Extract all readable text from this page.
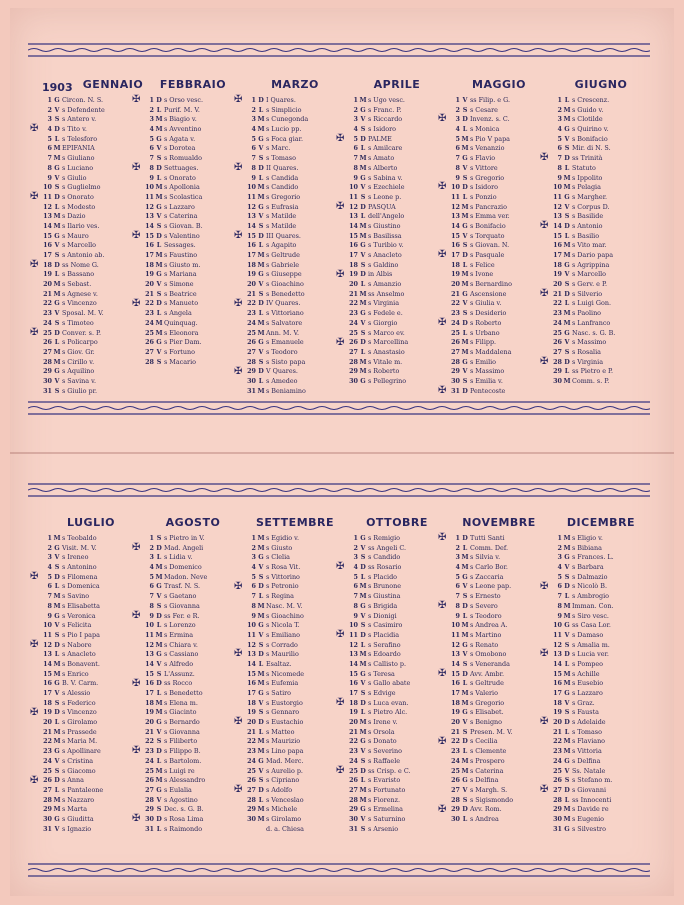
1903 GENNAIO
1 G Circon. N. S.
2 V s Defendente
3 S s Antero v.
4 D s Tito v.
5 L s Telesforo
6 M EPIFANIA
7 M s Giuliano
8 G s Luciano
9 V s Giulio
10 S s Guglielmo
11 D s Onorato
12 L s Modesto
13 M s Dazio
14 M s Ilario ves.
15 G s Mauro
16 V s Marcello
17 S s Antonio ab.
18 D ss Nome G.
19 L s Bassano
20 M s Sebast.
21 M s Agnese v.
22 G s Vincenzo
23 V Sposal. M. V.
24 S s Timoteo
25 D Conver. s. P.
26 L s Policarpo
27 M s Giov. Gr.
28 M s Cirillo v.
29 G s Aquilino
30 V s Savina v.
31 S s Giulio pr.
✠
✠
✠
✠
FEBBRAIO
1 D s Orso vesc.
2 L Purif. M. V.
3 M s Biagio v.
4 M s Avventino
5 G s Agata v.
6 V s Dorotea
7 S s Romualdo
8 D Settuages.
9 L s Onorato
10 M s Apollonia
11 M s Scolastica
12 G s Lazzaro
13 V s Caterina
14 S s Giovan. B.
15 D s Valentino
16 L Sessages.
17 M s Faustino
18 M s Giusto m.
19 G s Mariana
20 V s Simone
21 S s Beatrice
22 D s Manueto
23 L s Angela
24 M Quinquag.
25 M s Eleonora
26 G s Pier Dam.
27 V s Fortuno
28 S s Macario
✠
✠
✠
✠
MARZO
1 D I Quares.
2 L s Simplicio
3 M s Cunegonda
4 M s Lucio pp.
5 G s Foca giar.
6 V s Marc.
7 S s Tomaso
8 D II Quares.
9 L s Candida
10 M s Candido
11 M s Gregorio
12 G s Eufrasia
13 V s Matilde
14 S s Matilde
15 D III Quares.
16 L s Agapito
17 M s Geltrude
18 M s Gabriele
19 G s Giuseppe
20 V s Gioachino
21 S s Benedetto
22 D IV Quares.
23 L s Vittoriano
24 M s Salvatore
25 M Ann. M. V.
26 G s Emanuele
27 V s Teodoro
28 S s Sisto papa
29 D V Quares.
30 L s Amedeo
31 M s Beniamino
✠
✠
✠
✠
✠
APRILE
1 M s Ugo vesc.
2 G s Franc. P.
3 V s Riccardo
4 S s Isidoro
5 D PALME
6 L s Amilcare
7 M s Amato
8 M s Alberto
9 G s Sabina v.
10 V s Ezechiele
11 S s Leone p.
12 D PASQUA
13 L dell'Angelo
14 M s Giustino
15 M s Basilissa
16 G s Turibio v.
17 V s Anacleto
18 S s Galdino
19 D in Albis
20 L s Amanzio
21 M ss Anselmo
22 M s Virginia
23 G s Fedele e.
24 V s Giorgio
25 S s Marco ev.
26 D s Marcellina
27 L s Anastasio
28 M s Vitale m.
29 M s Roberto
30 G s Pellegrino
✠
✠
✠
✠
MAGGIO
1 V ss Filip. e G.
2 S s Cesare
3 D Invenz. s. C.
4 L s Monica
5 M s Pio V papa
6 M s Venanzio
7 G s Flavio
8 V s Vittore
9 S s Gregorio
10 D s Isidoro
11 L s Ponzio
12 M s Pancrazio
13 M s Emma ver.
14 G s Bonifacio
15 V s Torquato
16 S s Giovan. N.
17 D s Pasquale
18 L s Felice
19 M s Ivone
20 M s Bernardino
21 G Ascensione
22 V s Giulia v.
23 S s Desiderio
24 D s Roberto
25 L s Urbano
26 M s Filipp.
27 M s Maddalena
28 G s Emilio
29 V s Massimo
30 S s Emilia v.
31 D Pentecoste
✠
✠
✠
✠
✠
GIUGNO
1 L s Crescenz.
2 M s Guido v.
3 M s Clotilde
4 G s Quirino v.
5 V s Bonifacio
6 S Mir. di N. S.
7 D ss Trinità
8 L Statuto
9 M s Ippolito
10 M s Pelagia
11 G s Margher.
12 V s Corpus D.
13 S s Basilide
14 D s Antonio
15 L s Basilio
16 M s Vito mar.
17 M s Dario papa
18 G s Agrippina
19 V s Marcello
20 S s Gerv. e P.
21 D s Silverio
22 L s Luigi Gon.
23 M s Paolino
24 M s Lanfranco
25 G Nasc. s. G. B.
26 V s Massimo
27 S s Rosalia
28 D s Virginia
29 L ss Pietro e P.
30 M Comm. s. P.
✠
✠
✠
✠
LUGLIO
1 M s Teobaldo
2 G Visit. M. V.
3 V s Ireneo
4 S s Antonino
5 D s Filomena
6 L s Domenica
7 M s Savino
8 M s Elisabetta
9 G s Veronica
10 V s Felicita
11 S s Pio I papa
12 D s Nabore
13 L s Anacleto
14 M s Bonavent.
15 M s Enrico
16 G B. V. Carm.
17 V s Alessio
18 S s Federico
19 D s Vincenzo
20 L s Girolamo
21 M s Prassede
22 M s Maria M.
23 G s Apollinare
24 V s Cristina
25 S s Giacomo
26 D s Anna
27 L s Pantaleone
28 M s Nazzaro
29 M s Marta
30 G s Giuditta
31 V s Ignazio
✠
✠
✠
✠
AGOSTO
1 S s Pietro in V.
2 D Mad. Angeli
3 L s Lidia v.
4 M s Domenico
5 M Madon. Neve
6 G Trasf. N. S.
7 V s Gaetano
8 S s Giovanna
9 D ss Fer. e R.
10 L s Lorenzo
11 M s Ermina
12 M s Chiara v.
13 G s Cassiano
14 V s Alfredo
15 S L'Assunz.
16 D ss Rocco
17 L s Benedetto
18 M s Elena m.
19 M s Giacinto
20 G s Bernardo
21 V s Giovanna
22 S s Filiberto
23 D s Filippo B.
24 L s Bartolom.
25 M s Luigi re
26 M s Alessandro
27 G s Eulalia
28 V s Agostino
29 S Dec. s. G. B.
30 D s Rosa Lima
31 L s Raimondo
✠
✠
✠
✠
✠
SETTEMBRE
1 M s Egidio v.
2 M s Giusto
3 G s Clelia
4 V s Rosa Vit.
5 S s Vittorino
6 D s Petronio
7 L s Regina
8 M Nasc. M. V.
9 M s Gioachino
10 G s Nicola T.
11 V s Emiliano
12 S s Corrado
13 D s Maurilio
14 L Esaltaz.
15 M s Nicomede
16 M s Eufemia
17 G s Satiro
18 V s Eustorgio
19 S s Gennaro
20 D s Eustachio
21 L s Matteo
22 M s Maurizio
23 M s Lino papa
24 G Mad. Merc.
25 V s Aurelio p.
26 S s Cipriano
27 D s Adolfo
28 L s Venceslao
29 M s Michele
30 M s Girolamo
d. a. Chiesa
✠
✠
✠
✠
OTTOBRE
1 G s Remigio
2 V ss Angeli C.
3 S s Candido
4 D ss Rosario
5 L s Placido
6 M s Brunone
7 M s Giustina
8 G s Brigida
9 V s Dionigi
10 S s Casimiro
11 D s Placidia
12 L s Serafino
13 M s Edoardo
14 M s Callisto p.
15 G s Teresa
16 V s Gallo abate
17 S s Edvige
18 D s Luca evan.
19 L s Pietro Alc.
20 M s Irene v.
21 M s Orsola
22 G s Donato
23 V s Severino
24 S s Raffaele
25 D ss Crisp. e C.
26 L s Evaristo
27 M s Fortunato
28 M s Fiorenz.
29 G s Ermelina
30 V s Saturnino
31 S s Arsenio
✠
✠
✠
✠
NOVEMBRE
1 D Tutti Santi
2 L Comm. Def.
3 M s Silvia v.
4 M s Carlo Bor.
5 G s Zaccaria
6 V s Leone pap.
7 S s Ernesto
8 D s Severo
9 L s Teodoro
10 M s Andrea A.
11 M s Martino
12 G s Renato
13 V s Omobono
14 S s Veneranda
15 D Avv. Ambr.
16 L s Geltrude
17 M s Valerio
18 M s Gregorio
19 G s Elisabet.
20 V s Benigno
21 S Presen. M. V.
22 D s Cecilia
23 L s Clemente
24 M s Prospero
25 M s Caterina
26 G s Delfina
27 V s Margh. S.
28 S s Sigismondo
29 D Avv. Rom.
30 L s Andrea
✠
✠
✠
✠
✠
DICEMBRE
1 M s Eligio v.
2 M s Bibiana
3 G s Frances. L.
4 V s Barbara
5 S s Dalmazio
6 D s Nicolò B.
7 L s Ambrogio
8 M Imman. Con.
9 M s Siro vesc.
10 G ss Casa Lor.
11 V s Damaso
12 S s Amalia m.
13 D s Lucia ver.
14 L s Pompeo
15 M s Achille
16 M s Eusebio
17 G s Lazzaro
18 V s Graz.
19 S s Fausta
20 D s Adelaide
21 L s Tomaso
22 M s Flaviano
23 M s Vittoria
24 G s Delfina
25 V Ss. Natale
26 S s Stefano m.
27 D s Giovanni
28 L ss Innocenti
29 M s Davide re
30 M s Eugenio
31 G s Silvestro
✠
✠
✠
✠
